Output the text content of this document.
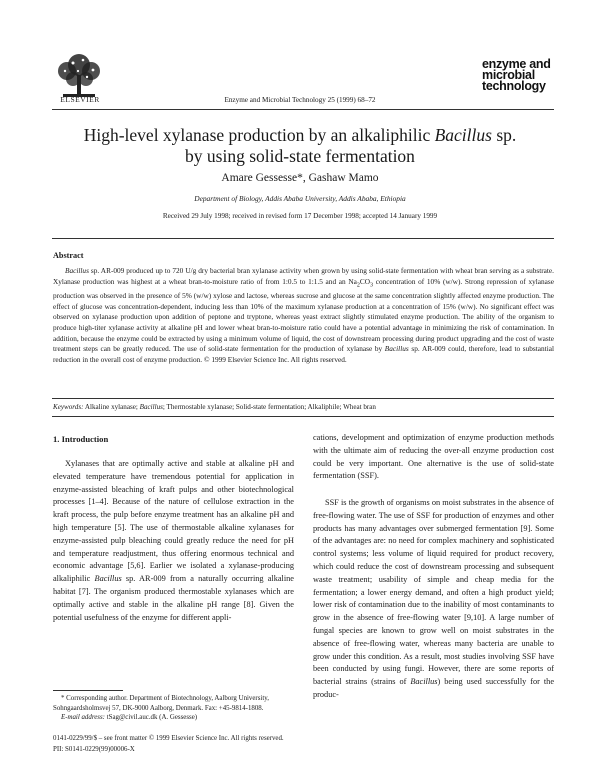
ELSEVIER	Enzyme and Microbial Technology 25 (1999) 68–72
enzyme and
microbial
technology
High-level xylanase production by an alkaliphilic Bacillus sp.
by using solid-state fermentation
Amare Gessesse*, Gashaw Mamo
Department of Biology, Addis Ababa University, Addis Ababa, Ethiopia
Received 29 July 1998; received in revised form 17 December 1998; accepted 14 January 1999
Abstract
Bacillus sp. AR-009 produced up to 720 U/g dry bacterial bran xylanase activity when grown by using solid-state fermentation with wheat bran serving as a substrate. Xylanase production was highest at a wheat bran-to-moisture ratio of from 1:0.5 to 1:1.5 and an $Na_2CO_3$ concentration of 10% (w/w). Strong repression of xylanase production was observed in the presence of 5% (w/w) xylose and lactose, whereas sucrose and glucose at the same concentration slightly affected enzyme production. The effect of glucose was concentration-dependent, inducing less than 10% of the maximum xylanase production at a concentration of 15% (w/w). No significant effect was observed on xylanase production upon addition of peptone and tryptone, whereas yeast extract slightly stimulated enzyme production. The ability of the organism to produce high-titer xylanase activity at alkaline pH and lower wheat bran-to-moisture ratio could have a potential advantage in minimizing the risk of contamination. In addition, because the enzyme could be extracted by using a minimum volume of liquid, the cost of downstream processing during product upgrading and the cost of waste treatment steps can be greatly reduced. The use of solid-state fermentation for the production of xylanase by Bacillus sp. AR-009 could, therefore, lead to substantial reduction in the overall cost of enzyme production. © 1999 Elsevier Science Inc. All rights reserved.
Keywords: Alkaline xylanase; Bacillus; Thermostable xylanase; Solid-state fermentation; Alkaliphile; Wheat bran
1. Introduction
Xylanases that are optimally active and stable at alkaline pH and elevated temperature have tremendous potential for application in enzyme-assisted bleaching of kraft pulps and other biotechnological processes [1–4]. Because of the nature of cellulose extraction in the kraft process, the pulp before enzyme treatment has an alkaline pH and high temperature [5]. The use of thermostable alkaline xylanases for enzyme-assisted pulp bleaching could greatly reduce the need for pH and temperature readjustment, thus offering enormous technical and economic advantage [5,6]. Earlier we isolated a xylanase-producing alkaliphilic Bacillus sp. AR-009 from a naturally occurring alkaline habitat [7]. The organism produced thermostable xylanases which are optimally active and stable in the alkaline pH range [8]. Given the potential usefulness of the enzyme for different appli-
cations, development and optimization of enzyme production methods with the ultimate aim of reducing the over-all enzyme production cost could be very important. One alternative is the use of solid-state fermentation (SSF).
SSF is the growth of organisms on moist substrates in the absence of free-flowing water. The use of SSF for production of enzymes and other products has many advantages over submerged fermentation [9]. Some of the advantages are: no need for complex machinery and sophisticated control systems; less volume of liquid required for product recovery, which could reduce the cost of downstream processing and subsequent waste treatment; usability of simple and cheap media for the fermentation; a lower energy demand, and often a high product yield; lower risk of contamination due to the inability of most contaminants to grow in the absence of free-flowing water [9,10]. A large number of fungal species are known to grow well on moist substrates in the absence of free-flowing water, whereas many bacteria are unable to grow under this condition. As a result, most studies involving SSF have been conducted by using fungi. However, there are some reports of bacterial strains (strains of Bacillus) being used successfully for the produc-
* Corresponding author. Department of Biotechnology, Aalborg University, Sohngaardsholmsvej 57, DK-9000 Aalborg, Denmark. Fax: +45-9814-1808.
E-mail address: tSag@civil.auc.dk (A. Gessesse)
0141-0229/99/$ – see front matter © 1999 Elsevier Science Inc. All rights reserved.
PII: S0141-0229(99)00006-X
